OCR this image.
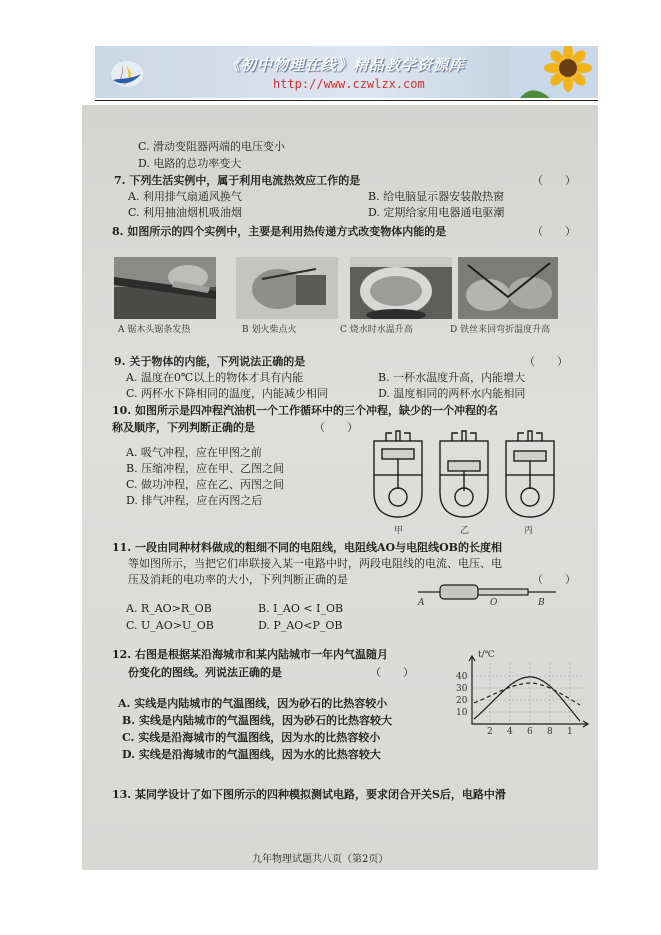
《初中物理在线》精品教学资源库
http://www.czwlzx.com
C. 滑动变阻器两端的电压变小
D. 电路的总功率变大
7. 下列生活实例中，属于利用电流热效应工作的是	（　　）
A. 利用排气扇通风换气	B. 给电脑显示器安装散热窗
C. 利用抽油烟机吸油烟	D. 定期给家用电器通电驱潮
8. 如图所示的四个实例中，主要是利用热传递方式改变物体内能的是	（　　）
A 锯木头锯条发热	B 划火柴点火	C 烧水时水温升高	D 铁丝来回弯折温度升高
9. 关于物体的内能，下列说法正确的是	（　　）
A. 温度在0℃以上的物体才具有内能	B. 一杯水温度升高，内能增大
C. 两杯水下降相同的温度，内能减少相同	D. 温度相同的两杯水内能相同
10. 如图所示是四冲程汽油机一个工作循环中的三个冲程，缺少的一个冲程的名
称及顺序，下列判断正确的是	（　　）
A. 吸气冲程，应在甲图之前
B. 压缩冲程，应在甲、乙图之间
C. 做功冲程，应在乙、丙图之间
D. 排气冲程，应在丙图之后
甲	乙	丙
11. 一段由同种材料做成的粗细不同的电阻线，电阻线AO与电阻线OB的长度相
等如图所示，当把它们串联接入某一电路中时，两段电阻线的电流、电压、电
压及消耗的电功率的大小，下列判断正确的是	（　　）
A	O	B
A. R_AO>R_OB	B. I_AO < I_OB
C. U_AO>U_OB	D. P_AO<P_OB
12. 右图是根据某沿海城市和某内陆城市一年内气温随月
份变化的图线。列说法正确的是	（　　）
A. 实线是内陆城市的气温图线，因为砂石的比热容较小
B. 实线是内陆城市的气温图线，因为砂石的比热容较大
C. 实线是沿海城市的气温图线，因为水的比热容较小
D. 实线是沿海城市的气温图线，因为水的比热容较大
t/℃
40
30
20
10
2 4 6 8 1
13. 某同学设计了如下图所示的四种模拟测试电路，要求闭合开关S后，电路中滑
九年物理试题共八页（第2页）
